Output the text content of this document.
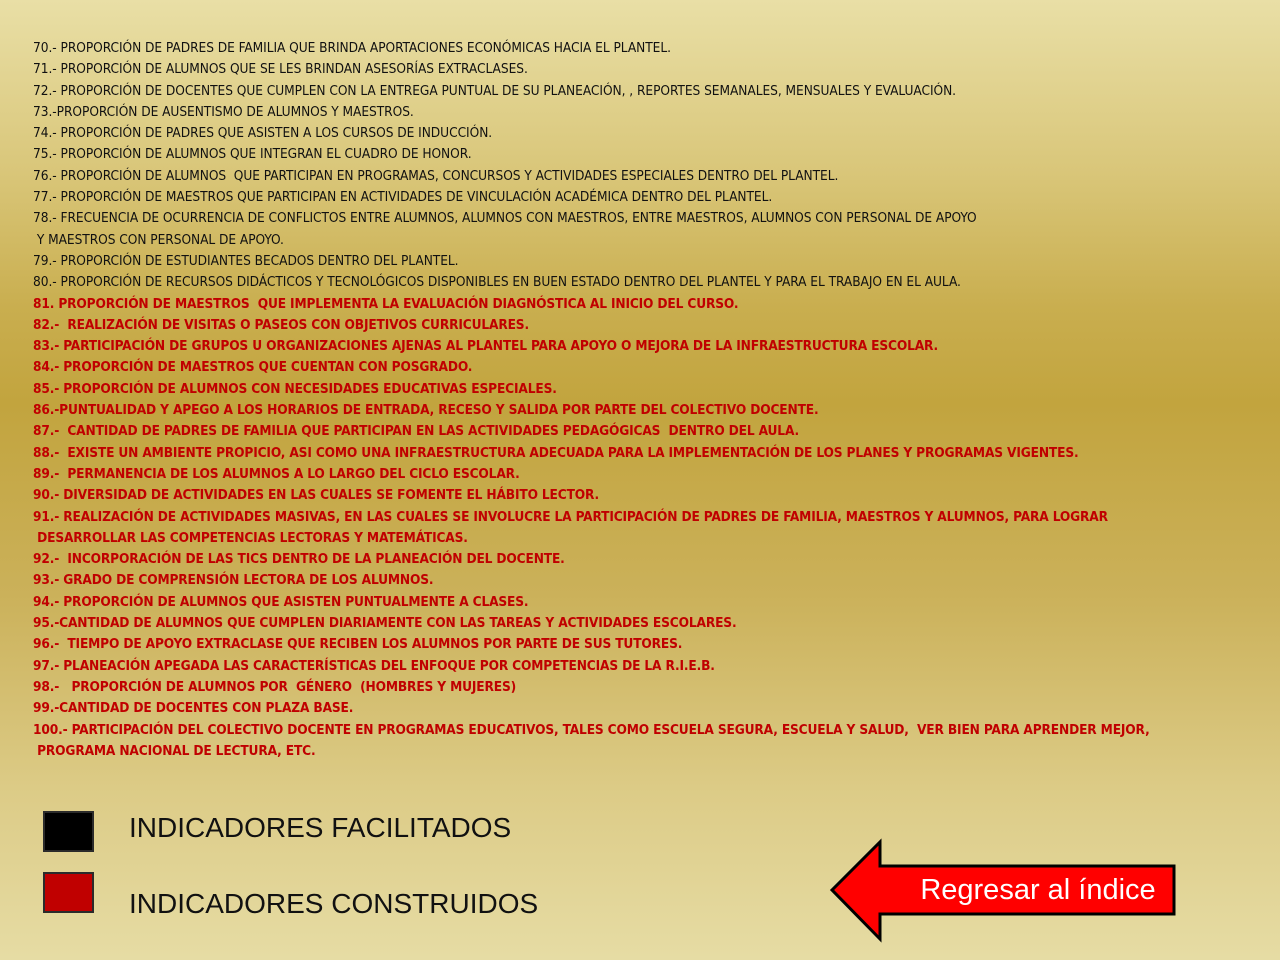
70.- PROPORCIÓN DE PADRES DE FAMILIA QUE BRINDA APORTACIONES ECONÓMICAS HACIA EL PLANTEL.
71.- PROPORCIÓN DE ALUMNOS QUE SE LES BRINDAN ASESORÍAS EXTRACLASES.
72.- PROPORCIÓN DE DOCENTES QUE CUMPLEN CON LA ENTREGA PUNTUAL DE SU PLANEACIÓN, , REPORTES SEMANALES, MENSUALES Y EVALUACIÓN.
73.-PROPORCIÓN DE AUSENTISMO DE ALUMNOS Y MAESTROS.
74.- PROPORCIÓN DE PADRES QUE ASISTEN A LOS CURSOS DE INDUCCIÓN.
75.- PROPORCIÓN DE ALUMNOS QUE INTEGRAN EL CUADRO DE HONOR.
76.- PROPORCIÓN DE ALUMNOS  QUE PARTICIPAN EN PROGRAMAS, CONCURSOS Y ACTIVIDADES ESPECIALES DENTRO DEL PLANTEL.
77.- PROPORCIÓN DE MAESTROS QUE PARTICIPAN EN ACTIVIDADES DE VINCULACIÓN ACADÉMICA DENTRO DEL PLANTEL.
78.- FRECUENCIA DE OCURRENCIA DE CONFLICTOS ENTRE ALUMNOS, ALUMNOS CON MAESTROS, ENTRE MAESTROS, ALUMNOS CON PERSONAL DE APOYO
Y MAESTROS CON PERSONAL DE APOYO.
79.- PROPORCIÓN DE ESTUDIANTES BECADOS DENTRO DEL PLANTEL.
80.- PROPORCIÓN DE RECURSOS DIDÁCTICOS Y TECNOLÓGICOS DISPONIBLES EN BUEN ESTADO DENTRO DEL PLANTEL Y PARA EL TRABAJO EN EL AULA.
81. PROPORCIÓN DE MAESTROS  QUE IMPLEMENTA LA EVALUACIÓN DIAGNÓSTICA AL INICIO DEL CURSO.
82.-  REALIZACIÓN DE VISITAS O PASEOS CON OBJETIVOS CURRICULARES.
83.- PARTICIPACIÓN DE GRUPOS U ORGANIZACIONES AJENAS AL PLANTEL PARA APOYO O MEJORA DE LA INFRAESTRUCTURA ESCOLAR.
84.- PROPORCIÓN DE MAESTROS QUE CUENTAN CON POSGRADO.
85.- PROPORCIÓN DE ALUMNOS CON NECESIDADES EDUCATIVAS ESPECIALES.
86.-PUNTUALIDAD Y APEGO A LOS HORARIOS DE ENTRADA, RECESO Y SALIDA POR PARTE DEL COLECTIVO DOCENTE.
87.-  CANTIDAD DE PADRES DE FAMILIA QUE PARTICIPAN EN LAS ACTIVIDADES PEDAGÓGICAS  DENTRO DEL AULA.
88.-  EXISTE UN AMBIENTE PROPICIO, ASI COMO UNA INFRAESTRUCTURA ADECUADA PARA LA IMPLEMENTACIÓN DE LOS PLANES Y PROGRAMAS VIGENTES.
89.-  PERMANENCIA DE LOS ALUMNOS A LO LARGO DEL CICLO ESCOLAR.
90.- DIVERSIDAD DE ACTIVIDADES EN LAS CUALES SE FOMENTE EL HÁBITO LECTOR.
91.- REALIZACIÓN DE ACTIVIDADES MASIVAS, EN LAS CUALES SE INVOLUCRE LA PARTICIPACIÓN DE PADRES DE FAMILIA, MAESTROS Y ALUMNOS, PARA LOGRAR
DESARROLLAR LAS COMPETENCIAS LECTORAS Y MATEMÁTICAS.
92.-  INCORPORACIÓN DE LAS TICS DENTRO DE LA PLANEACIÓN DEL DOCENTE.
93.- GRADO DE COMPRENSIÓN LECTORA DE LOS ALUMNOS.
94.- PROPORCIÓN DE ALUMNOS QUE ASISTEN PUNTUALMENTE A CLASES.
95.-CANTIDAD DE ALUMNOS QUE CUMPLEN DIARIAMENTE CON LAS TAREAS Y ACTIVIDADES ESCOLARES.
96.-  TIEMPO DE APOYO EXTRACLASE QUE RECIBEN LOS ALUMNOS POR PARTE DE SUS TUTORES.
97.- PLANEACIÓN APEGADA LAS CARACTERÍSTICAS DEL ENFOQUE POR COMPETENCIAS DE LA R.I.E.B.
98.-   PROPORCIÓN DE ALUMNOS POR  GÉNERO  (HOMBRES Y MUJERES)
99.-CANTIDAD DE DOCENTES CON PLAZA BASE.
100.- PARTICIPACIÓN DEL COLECTIVO DOCENTE EN PROGRAMAS EDUCATIVOS, TALES COMO ESCUELA SEGURA, ESCUELA Y SALUD,  VER BIEN PARA APRENDER MEJOR,
PROGRAMA NACIONAL DE LECTURA, ETC.
INDICADORES FACILITADOS
INDICADORES CONSTRUIDOS	Regresar al índice
